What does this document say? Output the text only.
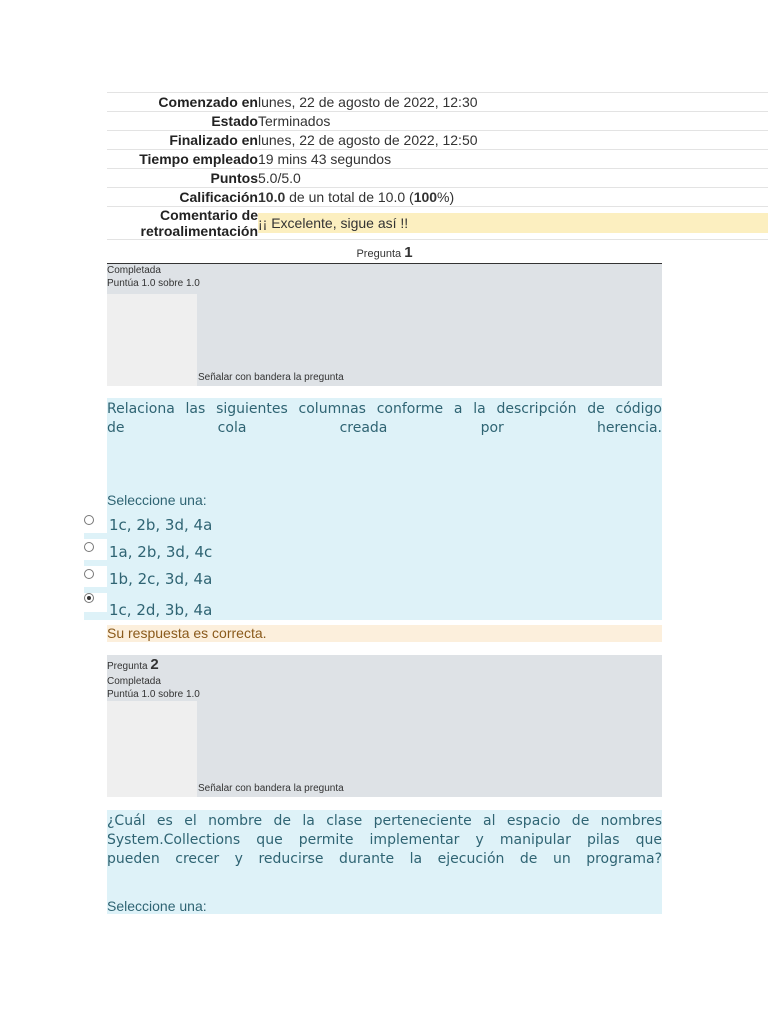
Comenzado en lunes, 22 de agosto de 2022, 12:30
Estado Terminados
Finalizado en lunes, 22 de agosto de 2022, 12:50
Tiempo empleado 19 mins 43 segundos
Puntos 5.0/5.0
Calificación 10.0 de un total de 10.0 (100%)
Comentario de
retroalimentación ¡¡ Excelente, sigue así !!
Pregunta 1
Completada
Puntúa 1.0 sobre 1.0
Señalar con bandera la pregunta
Relaciona las siguientes columnas conforme a la descripción de código
de cola creada por herencia.
Seleccione una:
1c, 2b, 3d, 4a
1a, 2b, 3d, 4c
1b, 2c, 3d, 4a
1c, 2d, 3b, 4a
Su respuesta es correcta.
Pregunta 2
Completada
Puntúa 1.0 sobre 1.0
Señalar con bandera la pregunta
¿Cuál es el nombre de la clase perteneciente al espacio de nombres
System.Collections que permite implementar y manipular pilas que
pueden crecer y reducirse durante la ejecución de un programa?
Seleccione una:
